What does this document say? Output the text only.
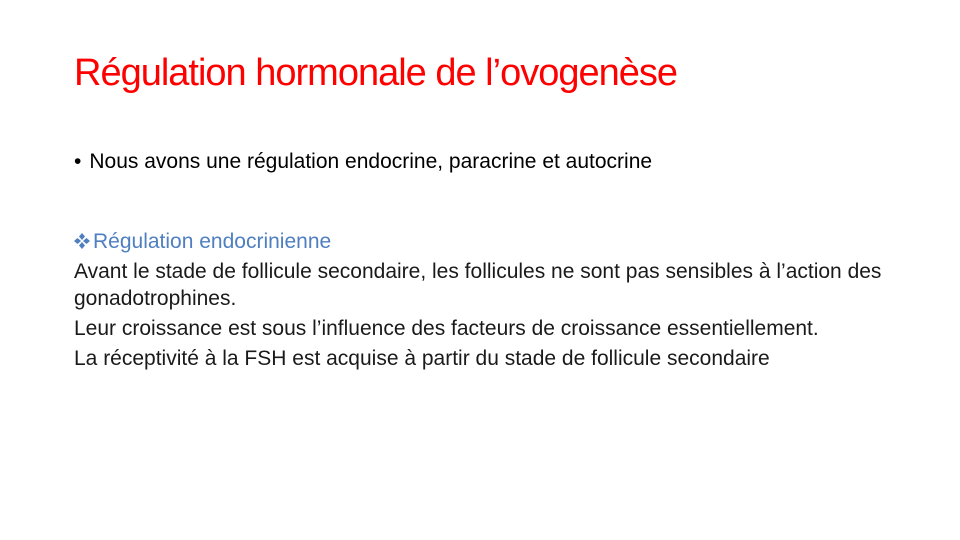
Régulation hormonale de l’ovogenèse
• Nous avons une régulation endocrine, paracrine et autocrine
Régulation endocrinienne

Avant le stade de follicule secondaire, les follicules ne sont pas sensibles à l’action des gonadotrophines.

Leur croissance est sous l’influence des facteurs de croissance essentiellement.

La réceptivité à la FSH est acquise à partir du stade de follicule secondaire
